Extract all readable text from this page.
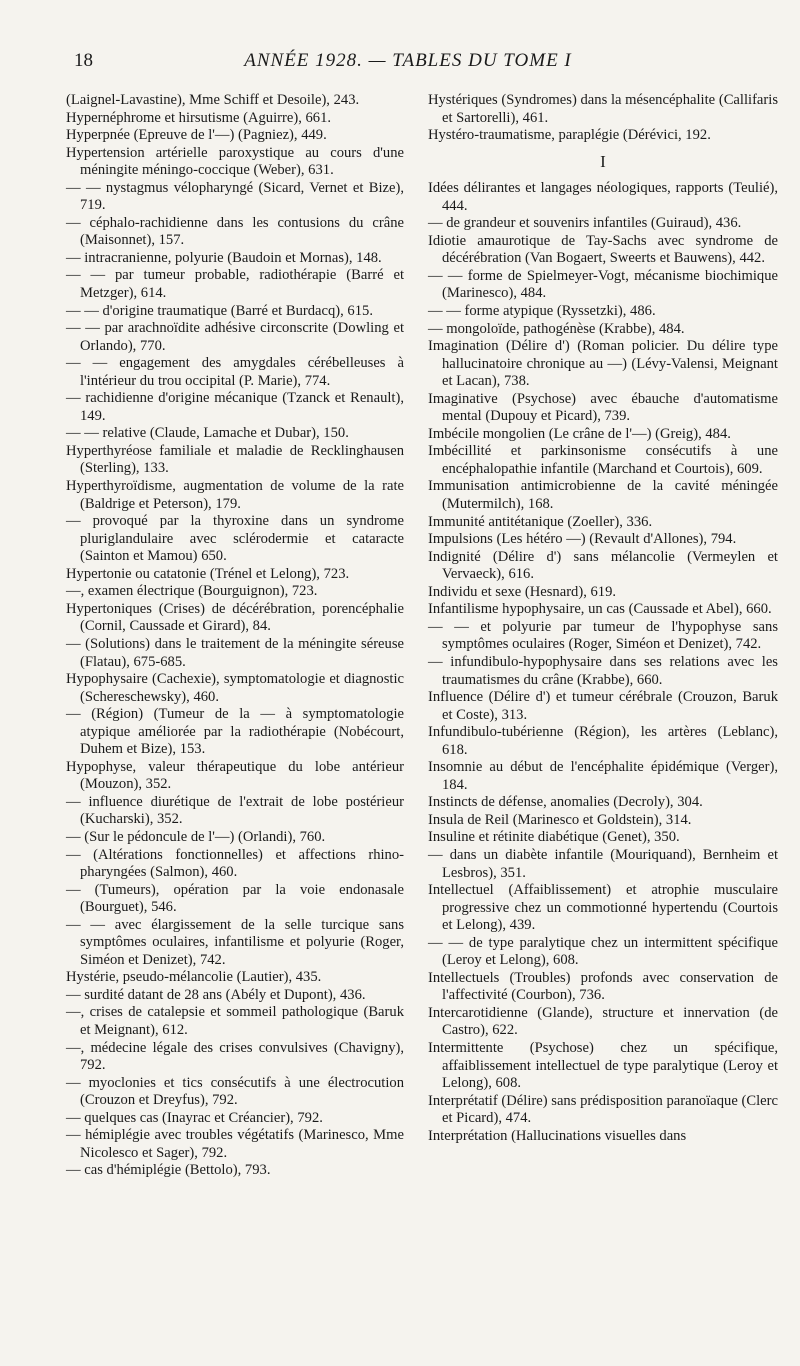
18	ANNÉE 1928. — TABLES DU TOME I

(Laignel-Lavastine), Mme Schiff et Desoile), 243.

Hypernéphrome et hirsutisme (Aguirre), 661.

Hyperpnée (Epreuve de l'—) (Pagniez), 449.

Hypertension artérielle paroxystique au cours d'une méningite méningo-coccique (Weber), 631.

— — nystagmus vélopharyngé (Sicard, Vernet et Bize), 719.

— céphalo-rachidienne dans les contusions du crâne (Maisonnet), 157.

— intracranienne, polyurie (Baudoin et Mornas), 148.

— — par tumeur probable, radiothérapie (Barré et Metzger), 614.

— — d'origine traumatique (Barré et Burdacq), 615.

— — par arachnoïdite adhésive circonscrite (Dowling et Orlando), 770.

— — engagement des amygdales cérébelleuses à l'intérieur du trou occipital (P. Marie), 774.

— rachidienne d'origine mécanique (Tzanck et Renault), 149.

— — relative (Claude, Lamache et Dubar), 150.

Hyperthyréose familiale et maladie de Recklinghausen (Sterling), 133.

Hyperthyroïdisme, augmentation de volume de la rate (Baldrige et Peterson), 179.

— provoqué par la thyroxine dans un syndrome pluriglandulaire avec sclérodermie et cataracte (Sainton et Mamou) 650.

Hypertonie ou catatonie (Trénel et Lelong), 723.

—, examen électrique (Bourguignon), 723.

Hypertoniques (Crises) de décérébration, porencéphalie (Cornil, Caussade et Girard), 84.

— (Solutions) dans le traitement de la méningite séreuse (Flatau), 675-685.

Hypophysaire (Cachexie), symptomatologie et diagnostic (Schereschewsky), 460.

— (Région) (Tumeur de la — à symptomatologie atypique améliorée par la radiothérapie (Nobécourt, Duhem et Bize), 153.

Hypophyse, valeur thérapeutique du lobe antérieur (Mouzon), 352.

— influence diurétique de l'extrait de lobe postérieur (Kucharski), 352.

— (Sur le pédoncule de l'—) (Orlandi), 760.

— (Altérations fonctionnelles) et affections rhino-pharyngées (Salmon), 460.

— (Tumeurs), opération par la voie endonasale (Bourguet), 546.

— — avec élargissement de la selle turcique sans symptômes oculaires, infantilisme et polyurie (Roger, Siméon et Denizet), 742.

Hystérie, pseudo-mélancolie (Lautier), 435.

— surdité datant de 28 ans (Abély et Dupont), 436.

—, crises de catalepsie et sommeil pathologique (Baruk et Meignant), 612.

—, médecine légale des crises convulsives (Chavigny), 792.

— myoclonies et tics consécutifs à une électrocution (Crouzon et Dreyfus), 792.

— quelques cas (Inayrac et Créancier), 792.

— hémiplégie avec troubles végétatifs (Marinesco, Mme Nicolesco et Sager), 792.

— cas d'hémiplégie (Bettolo), 793.

Hystériques (Syndromes) dans la mésencéphalite (Callifaris et Sartorelli), 461.

Hystéro-traumatisme, paraplégie (Dérévici, 192.

I

Idées délirantes et langages néologiques, rapports (Teulié), 444.

— de grandeur et souvenirs infantiles (Guiraud), 436.

Idiotie amaurotique de Tay-Sachs avec syndrome de décérébration (Van Bogaert, Sweerts et Bauwens), 442.

— — forme de Spielmeyer-Vogt, mécanisme biochimique (Marinesco), 484.

— — forme atypique (Ryssetzki), 486.

— mongoloïde, pathogénèse (Krabbe), 484.

Imagination (Délire d') (Roman policier. Du délire type hallucinatoire chronique au —) (Lévy-Valensi, Meignant et Lacan), 738.

Imaginative (Psychose) avec ébauche d'automatisme mental (Dupouy et Picard), 739.

Imbécile mongolien (Le crâne de l'—) (Greig), 484.

Imbécillité et parkinsonisme consécutifs à une encéphalopathie infantile (Marchand et Courtois), 609.

Immunisation antimicrobienne de la cavité méningée (Mutermilch), 168.

Immunité antitétanique (Zoeller), 336.

Impulsions (Les hétéro —) (Revault d'Allones), 794.

Indignité (Délire d') sans mélancolie (Vermeylen et Vervaeck), 616.

Individu et sexe (Hesnard), 619.

Infantilisme hypophysaire, un cas (Caussade et Abel), 660.

— — et polyurie par tumeur de l'hypophyse sans symptômes oculaires (Roger, Siméon et Denizet), 742.

— infundibulo-hypophysaire dans ses relations avec les traumatismes du crâne (Krabbe), 660.

Influence (Délire d') et tumeur cérébrale (Crouzon, Baruk et Coste), 313.

Infundibulo-tubérienne (Région), les artères (Leblanc), 618.

Insomnie au début de l'encéphalite épidémique (Verger), 184.

Instincts de défense, anomalies (Decroly), 304.

Insula de Reil (Marinesco et Goldstein), 314.

Insuline et rétinite diabétique (Genet), 350.

— dans un diabète infantile (Mouriquand), Bernheim et Lesbros), 351.

Intellectuel (Affaiblissement) et atrophie musculaire progressive chez un commotionné hypertendu (Courtois et Lelong), 439.

— — de type paralytique chez un intermittent spécifique (Leroy et Lelong), 608.

Intellectuels (Troubles) profonds avec conservation de l'affectivité (Courbon), 736.

Intercarotidienne (Glande), structure et innervation (de Castro), 622.

Intermittente (Psychose) chez un spécifique, affaiblissement intellectuel de type paralytique (Leroy et Lelong), 608.

Interprétatif (Délire) sans prédisposition paranoïaque (Clerc et Picard), 474.

Interprétation (Hallucinations visuelles dans
